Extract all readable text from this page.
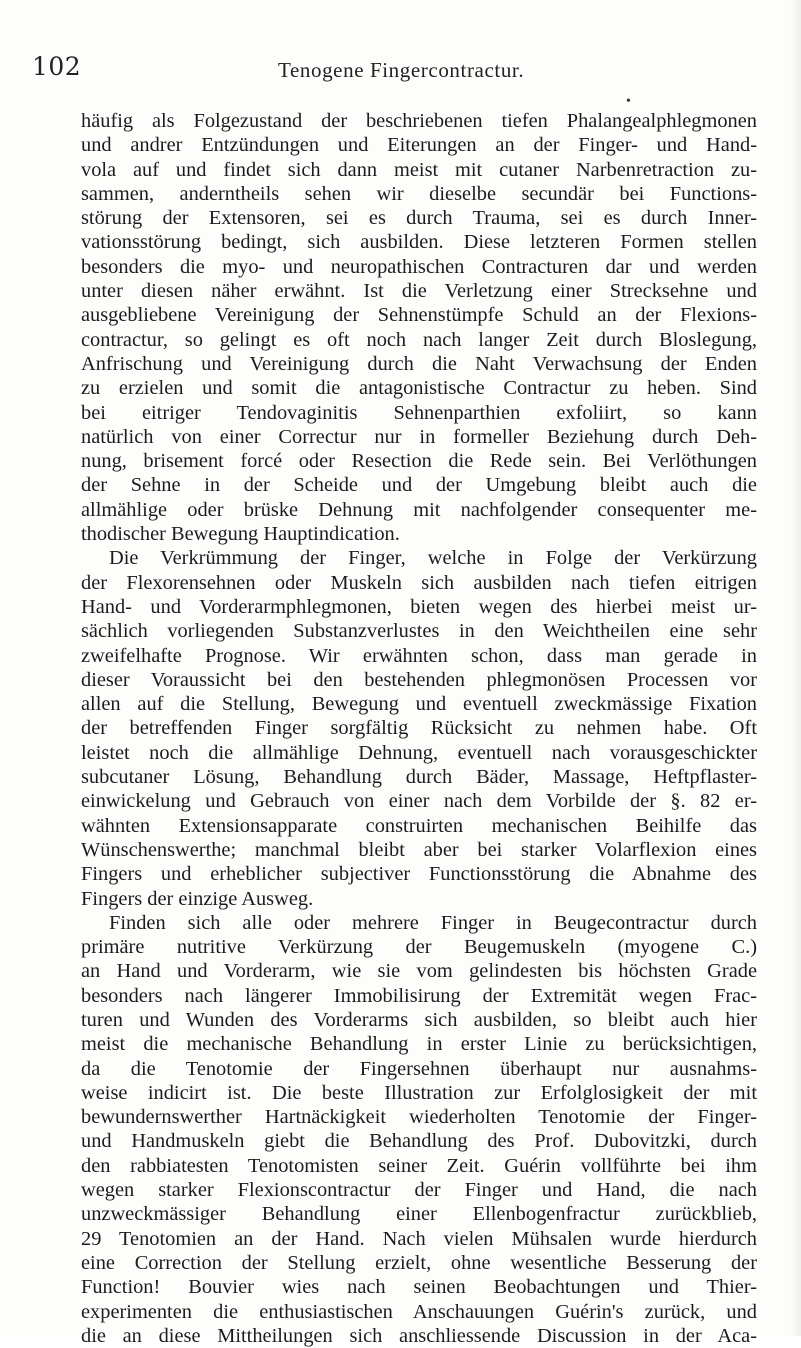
102	Tenogene Fingercontractur.
•
häufig als Folgezustand der beschriebenen tiefen Phalangealphlegmonen
und andrer Entzündungen und Eiterungen an der Finger- und Hand-
vola auf und findet sich dann meist mit cutaner Narbenretraction zu-
sammen, anderntheils sehen wir dieselbe secundär bei Functions-
störung der Extensoren, sei es durch Trauma, sei es durch Inner-
vationsstörung bedingt, sich ausbilden. Diese letzteren Formen stellen
besonders die myo- und neuropathischen Contracturen dar und werden
unter diesen näher erwähnt. Ist die Verletzung einer Strecksehne und
ausgebliebene Vereinigung der Sehnenstümpfe Schuld an der Flexions-
contractur, so gelingt es oft noch nach langer Zeit durch Bloslegung,
Anfrischung und Vereinigung durch die Naht Verwachsung der Enden
zu erzielen und somit die antagonistische Contractur zu heben. Sind
bei eitriger Tendovaginitis Sehnenparthien exfoliirt, so kann
natürlich von einer Correctur nur in formeller Beziehung durch Deh-
nung, brisement forcé oder Resection die Rede sein. Bei Verlöthungen
der Sehne in der Scheide und der Umgebung bleibt auch die
allmählige oder brüske Dehnung mit nachfolgender consequenter me-
thodischer Bewegung Hauptindication.
Die Verkrümmung der Finger, welche in Folge der Verkürzung
der Flexorensehnen oder Muskeln sich ausbilden nach tiefen eitrigen
Hand- und Vorderarmphlegmonen, bieten wegen des hierbei meist ur-
sächlich vorliegenden Substanzverlustes in den Weichtheilen eine sehr
zweifelhafte Prognose. Wir erwähnten schon, dass man gerade in
dieser Voraussicht bei den bestehenden phlegmonösen Processen vor
allen auf die Stellung, Bewegung und eventuell zweckmässige Fixation
der betreffenden Finger sorgfältig Rücksicht zu nehmen habe. Oft
leistet noch die allmählige Dehnung, eventuell nach vorausgeschickter
subcutaner Lösung, Behandlung durch Bäder, Massage, Heftpflaster-
einwickelung und Gebrauch von einer nach dem Vorbilde der §. 82 er-
wähnten Extensionsapparate construirten mechanischen Beihilfe das
Wünschenswerthe; manchmal bleibt aber bei starker Volarflexion eines
Fingers und erheblicher subjectiver Functionsstörung die Abnahme des
Fingers der einzige Ausweg.
Finden sich alle oder mehrere Finger in Beugecontractur durch
primäre nutritive Verkürzung der Beugemuskeln (myogene C.)
an Hand und Vorderarm, wie sie vom gelindesten bis höchsten Grade
besonders nach längerer Immobilisirung der Extremität wegen Frac-
turen und Wunden des Vorderarms sich ausbilden, so bleibt auch hier
meist die mechanische Behandlung in erster Linie zu berücksichtigen,
da die Tenotomie der Fingersehnen überhaupt nur ausnahms-
weise indicirt ist. Die beste Illustration zur Erfolglosigkeit der mit
bewundernswerther Hartnäckigkeit wiederholten Tenotomie der Finger-
und Handmuskeln giebt die Behandlung des Prof. Dubovitzki, durch
den rabbiatesten Tenotomisten seiner Zeit. Guérin vollführte bei ihm
wegen starker Flexionscontractur der Finger und Hand, die nach
unzweckmässiger Behandlung einer Ellenbogenfractur zurückblieb,
29 Tenotomien an der Hand. Nach vielen Mühsalen wurde hierdurch
eine Correction der Stellung erzielt, ohne wesentliche Besserung der
Function! Bouvier wies nach seinen Beobachtungen und Thier-
experimenten die enthusiastischen Anschauungen Guérin's zurück, und
die an diese Mittheilungen sich anschliessende Discussion in der Aca-
